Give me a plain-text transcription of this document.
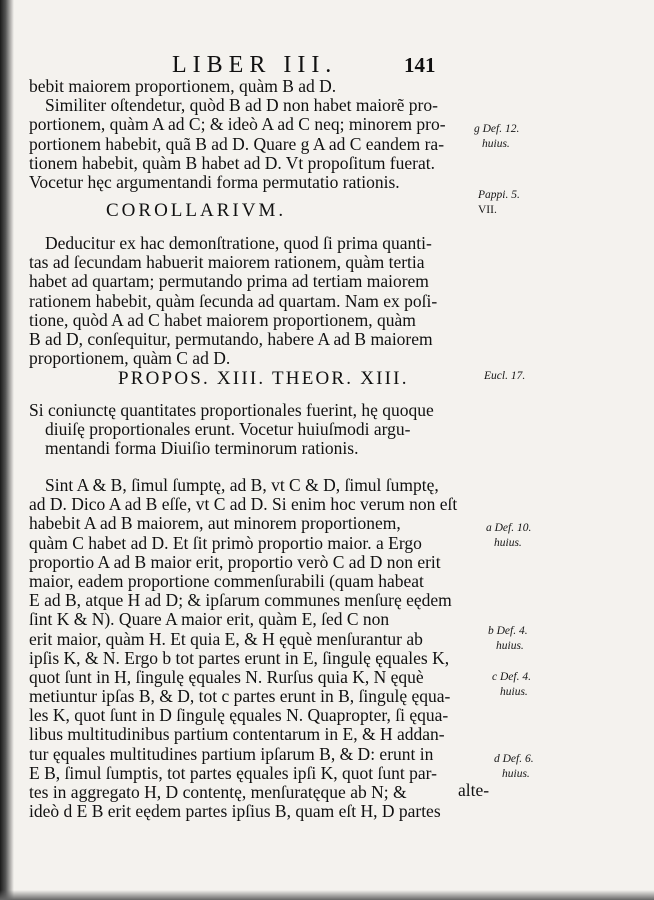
LIBER III.	141
bebit maiorem proportionem, quàm B ad D.
Similiter oſtendetur, quòd B ad D non habet maiorẽ pro-
portionem, quàm A ad C; & ideò A ad C neq; minorem pro-
portionem habebit, quã B ad D. Quare g A ad C eandem ra-
tionem habebit, quàm B habet ad D. Vt propoſitum fuerat.
Vocetur hęc argumentandi forma permutatio rationis.
COROLLARIVM.
Deducitur ex hac demonſtratione, quod ſi prima quanti-
tas ad ſecundam habuerit maiorem rationem, quàm tertia
habet ad quartam; permutando prima ad tertiam maiorem
rationem habebit, quàm ſecunda ad quartam. Nam ex poſi-
tione, quòd A ad C habet maiorem proportionem, quàm
B ad D, conſequitur, permutando, habere A ad B maiorem
proportionem, quàm C ad D.
PROPOS. XIII. THEOR. XIII.
Si coniunctę quantitates proportionales fuerint, hę quoque
diuiſę proportionales erunt. Vocetur huiuſmodi argu-
mentandi forma Diuiſio terminorum rationis.
Sint A & B, ſimul ſumptę, ad B, vt C & D, ſimul ſumptę,
ad D. Dico A ad B eſſe, vt C ad D. Si enim hoc verum non eſt
habebit A ad B maiorem, aut minorem proportionem,
quàm C habet ad D. Et ſit primò proportio maior. a Ergo
proportio A ad B maior erit, proportio verò C ad D non erit
maior, eadem proportione commenſurabili (quam habeat
E ad B, atque H ad D; & ipſarum communes menſurę eędem
ſint K & N). Quare A maior erit, quàm E, ſed C non
erit maior, quàm H. Et quia E, & H ęquè menſurantur ab
ipſis K, & N. Ergo b tot partes erunt in E, ſingulę ęquales K,
quot ſunt in H, ſingulę ęquales N. Rurſus quia K, N ęquè
metiuntur ipſas B, & D, tot c partes erunt in B, ſingulę ęqua-
les K, quot ſunt in D ſingulę ęquales N. Quapropter, ſi ęqua-
libus multitudinibus partium contentarum in E, & H addan-
tur ęquales multitudines partium ipſarum B, & D: erunt in
E B, ſimul ſumptis, tot partes ęquales ipſi K, quot ſunt par-
tes in aggregato H, D contentę, menſuratęque ab N; &
ideò d E B erit eędem partes ipſius B, quam eſt H, D partes
alte-
g Def. 12.
huius.
Pappi. 5.
VII.
Eucl. 17.
a Def. 10.
huius.
b Def. 4.
huius.
c Def. 4.
huius.
d Def. 6.
huius.
